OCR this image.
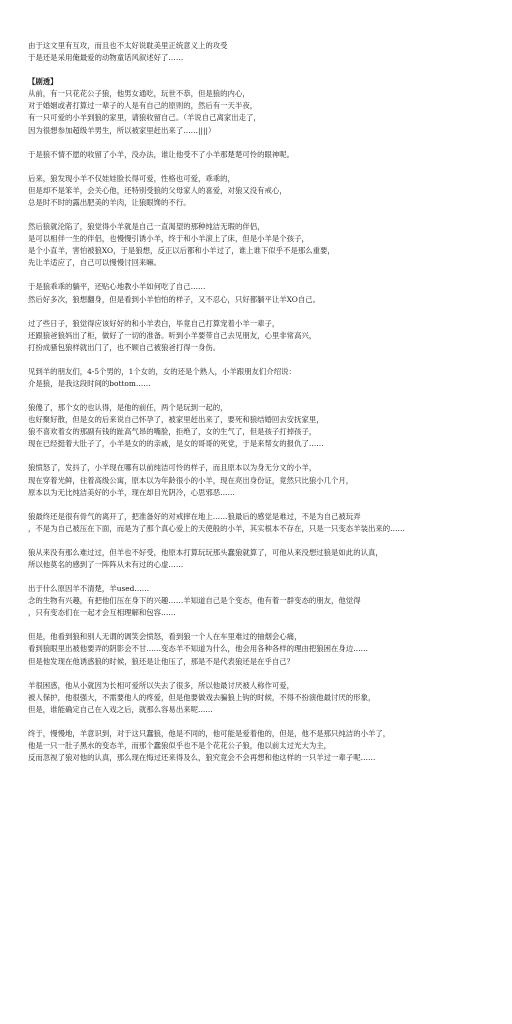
由于这文里有互攻，而且也不太好说耽美里正统意义上的攻受
于是还是采用俺最爱的动物童话风叙述好了……
【剧透】
从前，有一只花花公子狼，他男女通吃，玩世不恭，但是狼的内心，
对于婚姻或者打算过一辈子的人是有自己的原则的，然后有一天半夜，
有一只可爱的小羊到狼的家里，请狼收留自己。（羊说自己离家出走了，
因为很想参加超级羊男生，所以被家里赶出来了……||||）
于是狼不情不愿的收留了小羊，没办法，谁让他受不了小羊那楚楚可怜的眼神呢。
后来，狼发现小羊不仅娃娃脸长得可爱，性格也可爱，乖乖的，
但是却不是笨羊，会关心他，还特别受狼的父母家人的喜爱，对狼又没有戒心，
总是时不时的露出肥美的羊肉，让狼眼馋的不行。
然后狼就沦陷了，狼觉得小羊就是自己一直渴望的那种纯洁无瑕的伴侣，
是可以相伴一生的伴侣，也慢慢引诱小羊，终于和小羊滚上了床，但是小羊是个孩子，
是个小直羊，害怕被狼XO，于是狼想，反正以后都和小羊过了，谁上谁下似乎不是那么重要，
先让羊适应了，自己可以慢慢讨回来嘛。
于是狼乖乖的躺平，还贴心地教小羊如何吃了自己……
然后好多次，狼想翻身，但是看到小羊怕怕的样子，又不忍心，只好都躺平让羊XO自己。
过了些日子，狼觉得应该好好的和小羊表白，毕竟自己打算宠着小羊一辈子，
还跟狼爸狼妈出了柜，做好了一切的准备。听到小羊要带自己去见朋友，心里非常高兴，
打扮成骚包狼样就出门了，也不顾自己被狼爸打得一身伤。
见到羊的朋友们，4-5个男的，1个女的，女的还是个熟人，小羊跟朋友们介绍说：
介是狼，是我这段时间的bottom……
狼傻了，那个女的也认得，是他的前任，两个是玩到一起的，
也好聚好散，但是女的后来说自己怀孕了，被家里赶出来了，要死和狼结婚回去安抚家里，
狼不喜欢着女的那副有钱的趾高气昂的嘴脸，拒绝了，女的生气了，但是孩子打掉孩子，
现在已经挺着大肚子了，小羊是女的的亲戚，是女的哥哥的死党，于是来帮女的报仇了……
狼愤怒了，发抖了，小羊现在哪有以前纯洁可怜的样子，而且原本以为身无分文的小羊，
现在穿着光鲜，住着高级公寓，原本以为年龄很小的小羊，现在亮出身份证，竟然只比狼小几个月，
原本以为无比纯洁美好的小羊，现在却目光阴冷，心思邪恶……
狼最终还是很有骨气的离开了，把准备好的对戒摔在地上……狼最后的感觉是难过，不是为自己被玩弄
，不是为自己被压在下面，而是为了那个真心爱上的天使般的小羊，其实根本不存在，只是一只变态羊装出来的……
狼从来没有那么难过过，但羊也不好受，他原本打算玩玩那头蠢狼就算了，可他从来没想过狼是如此的认真，
所以他莫名的感到了一阵阵从未有过的心虚……
出于什么原因羊不清楚，羊used……
念的生物有兴趣，有把他们压在身下的兴趣……羊知道自己是个变态，他有着一群变态的朋友，他觉得
，只有变态们在一起才会互相理解和包容……
但是，他看到狼和别人无谓的调笑会愤怒，看到狼一个人在车里难过的抽烟会心痛，
看到狼眼里出被他要弄的阴影会不甘……变态羊不知道为什么，他会用各种各样的理由把狼困在身边……
但是他发现在他诱惑狼的时候，狼还是让他压了，那是不是代表狼还是在乎自己？
羊很困惑，他从小就因为长相可爱所以失去了很多，所以他最讨厌被人称作可爱，
被人保护，他很强大，不需要他人的疼爱，但是他要做戏去骗狼上钩的时候，不得不扮演他最讨厌的形象，
但是，谁能确定自己在入戏之后，就那么容易出来呢……
终于，慢慢地，羊意识到，对于这只蠢狼，他是不同的，他可能是爱着他的，但是，他不是那只纯洁的小羊了，
他是一只一肚子黑水的变态羊，而那个蠢狼似乎也不是个花花公子狼，他以前太过光大为主，
反而忽视了狼对他的认真，那么现在悔过还来得及么，狼究竟会不会再想和他这样的一只羊过一辈子呢……
